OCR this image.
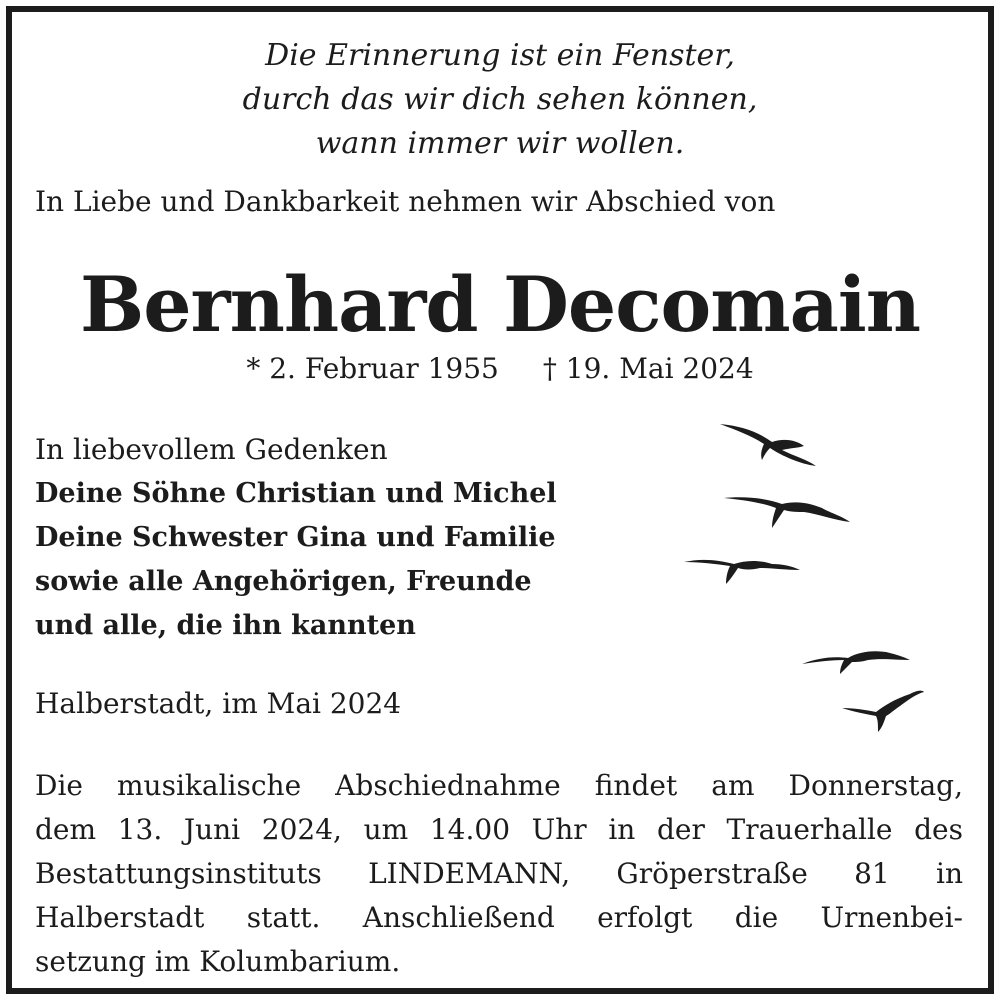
Die Erinnerung ist ein Fenster,
durch das wir dich sehen können,
wann immer wir wollen.
In Liebe und Dankbarkeit nehmen wir Abschied von
Bernhard Decomain
* 2. Februar 1955 † 19. Mai 2024
In liebevollem Gedenken
Deine Söhne Christian und Michel
Deine Schwester Gina und Familie
sowie alle Angehörigen, Freunde
und alle, die ihn kannten
Halberstadt, im Mai 2024
Die musikalische Abschiednahme findet am Donnerstag,
dem 13. Juni 2024, um 14.00 Uhr in der Trauerhalle des
Bestattungsinstituts LINDEMANN, Gröperstraße 81 in
Halberstadt statt. Anschließend erfolgt die Urnenbei-
setzung im Kolumbarium.
